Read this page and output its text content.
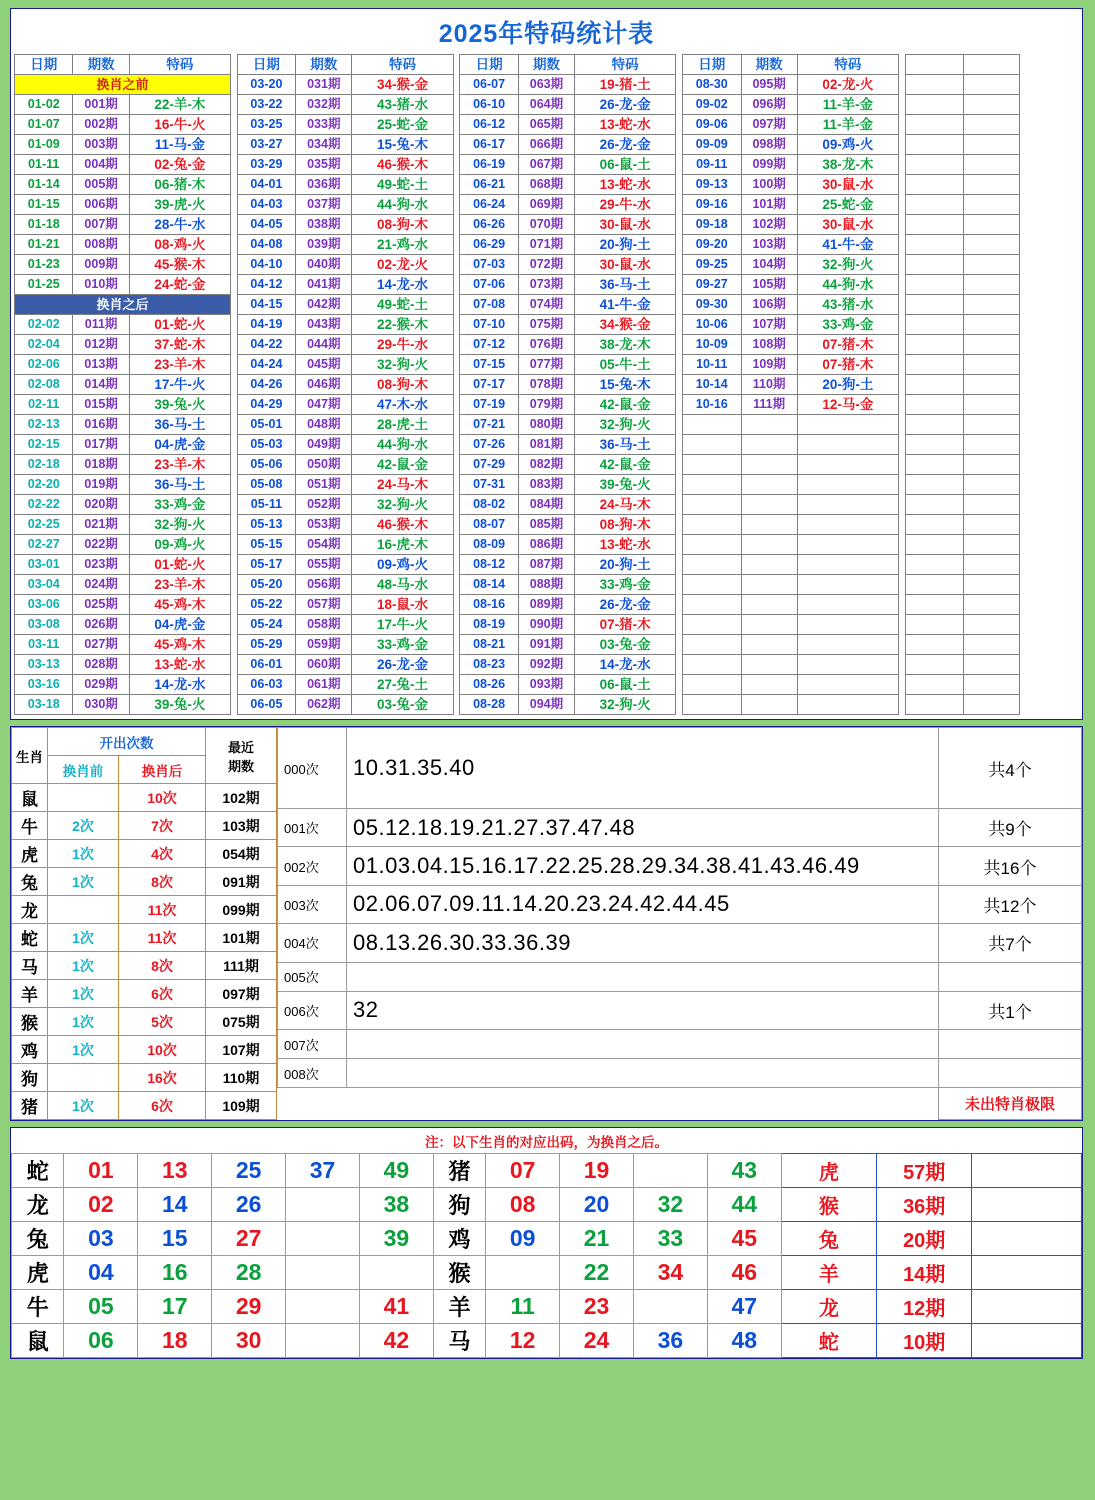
2025年特码统计表
日期	期数	特码		日期	期数	特码		日期	期数	特码		日期	期数	特码			
换肖之前				03-20	031期	34-猴-金		06-07	063期	19-猪-土		08-30	095期	02-龙-火			
01-02	001期	22-羊-木		03-22	032期	43-猪-水		06-10	064期	26-龙-金		09-02	096期	11-羊-金			
01-07	002期	16-牛-火		03-25	033期	25-蛇-金		06-12	065期	13-蛇-水		09-06	097期	11-羊-金			
01-09	003期	11-马-金		03-27	034期	15-兔-木		06-17	066期	26-龙-金		09-09	098期	09-鸡-火			
01-11	004期	02-兔-金		03-29	035期	46-猴-木		06-19	067期	06-鼠-土		09-11	099期	38-龙-木			
01-14	005期	06-猪-木		04-01	036期	49-蛇-土		06-21	068期	13-蛇-水		09-13	100期	30-鼠-水			
01-15	006期	39-虎-火		04-03	037期	44-狗-水		06-24	069期	29-牛-水		09-16	101期	25-蛇-金			
01-18	007期	28-牛-水		04-05	038期	08-狗-木		06-26	070期	30-鼠-水		09-18	102期	30-鼠-水			
01-21	008期	08-鸡-火		04-08	039期	21-鸡-水		06-29	071期	20-狗-土		09-20	103期	41-牛-金			
01-23	009期	45-猴-木		04-10	040期	02-龙-火		07-03	072期	30-鼠-水		09-25	104期	32-狗-火			
01-25	010期	24-蛇-金		04-12	041期	14-龙-水		07-06	073期	36-马-土		09-27	105期	44-狗-水			
换肖之后				04-15	042期	49-蛇-土		07-08	074期	41-牛-金		09-30	106期	43-猪-水			
02-02	011期	01-蛇-火		04-19	043期	22-猴-木		07-10	075期	34-猴-金		10-06	107期	33-鸡-金			
02-04	012期	37-蛇-木		04-22	044期	29-牛-水		07-12	076期	38-龙-木		10-09	108期	07-猪-木			
02-06	013期	23-羊-木		04-24	045期	32-狗-火		07-15	077期	05-牛-土		10-11	109期	07-猪-木			
02-08	014期	17-牛-火		04-26	046期	08-狗-木		07-17	078期	15-兔-木		10-14	110期	20-狗-土			
02-11	015期	39-兔-火		04-29	047期	47-木-水		07-19	079期	42-鼠-金		10-16	111期	12-马-金			
02-13	016期	36-马-土		05-01	048期	28-虎-土		07-21	080期	32-狗-火							
02-15	017期	04-虎-金		05-03	049期	44-狗-水		07-26	081期	36-马-土							
02-18	018期	23-羊-木		05-06	050期	42-鼠-金		07-29	082期	42-鼠-金							
02-20	019期	36-马-土		05-08	051期	24-马-木		07-31	083期	39-兔-火							
02-22	020期	33-鸡-金		05-11	052期	32-狗-火		08-02	084期	24-马-木							
02-25	021期	32-狗-火		05-13	053期	46-猴-木		08-07	085期	08-狗-木							
02-27	022期	09-鸡-火		05-15	054期	16-虎-木		08-09	086期	13-蛇-水							
03-01	023期	01-蛇-火		05-17	055期	09-鸡-火		08-12	087期	20-狗-土							
03-04	024期	23-羊-木		05-20	056期	48-马-水		08-14	088期	33-鸡-金							
03-06	025期	45-鸡-木		05-22	057期	18-鼠-水		08-16	089期	26-龙-金							
03-08	026期	04-虎-金		05-24	058期	17-牛-火		08-19	090期	07-猪-木							
03-11	027期	45-鸡-木		05-29	059期	33-鸡-金		08-21	091期	03-兔-金							
03-13	028期	13-蛇-水		06-01	060期	26-龙-金		08-23	092期	14-龙-水							
03-16	029期	14-龙-水		06-03	061期	27-兔-土		08-26	093期	06-鼠-土							
03-18	030期	39-兔-火		06-05	062期	03-兔-金		08-28	094期	32-狗-火							
生肖	开出次数		最近
期数
	换肖前	换肖后	
鼠		10次	102期
牛	2次	7次	103期
虎	1次	4次	054期
兔	1次	8次	091期
龙		11次	099期
蛇	1次	11次	101期
马	1次	8次	111期
羊	1次	6次	097期
猴	1次	5次	075期
鸡	1次	10次	107期
狗		16次	110期
猪	1次	6次	109期
000次	10.31.35.40	共4个
001次	05.12.18.19.21.27.37.47.48	共9个
002次	01.03.04.15.16.17.22.25.28.29.34.38.41.43.46.49	共16个
003次	02.06.07.09.11.14.20.23.24.42.44.45	共12个
004次	08.13.26.30.33.36.39	共7个
005次		
006次	32	共1个
007次		
008次		
		未出特肖极限
注：以下生肖的对应出码，为换肖之后。
蛇	01	13	25	37	49	猪	07	19		43	虎	57期	
龙	02	14	26		38	狗	08	20	32	44	猴	36期	
兔	03	15	27		39	鸡	09	21	33	45	兔	20期	
虎	04	16	28			猴		22	34	46	羊	14期	
牛	05	17	29		41	羊	11	23		47	龙	12期	
鼠	06	18	30		42	马	12	24	36	48	蛇	10期	
